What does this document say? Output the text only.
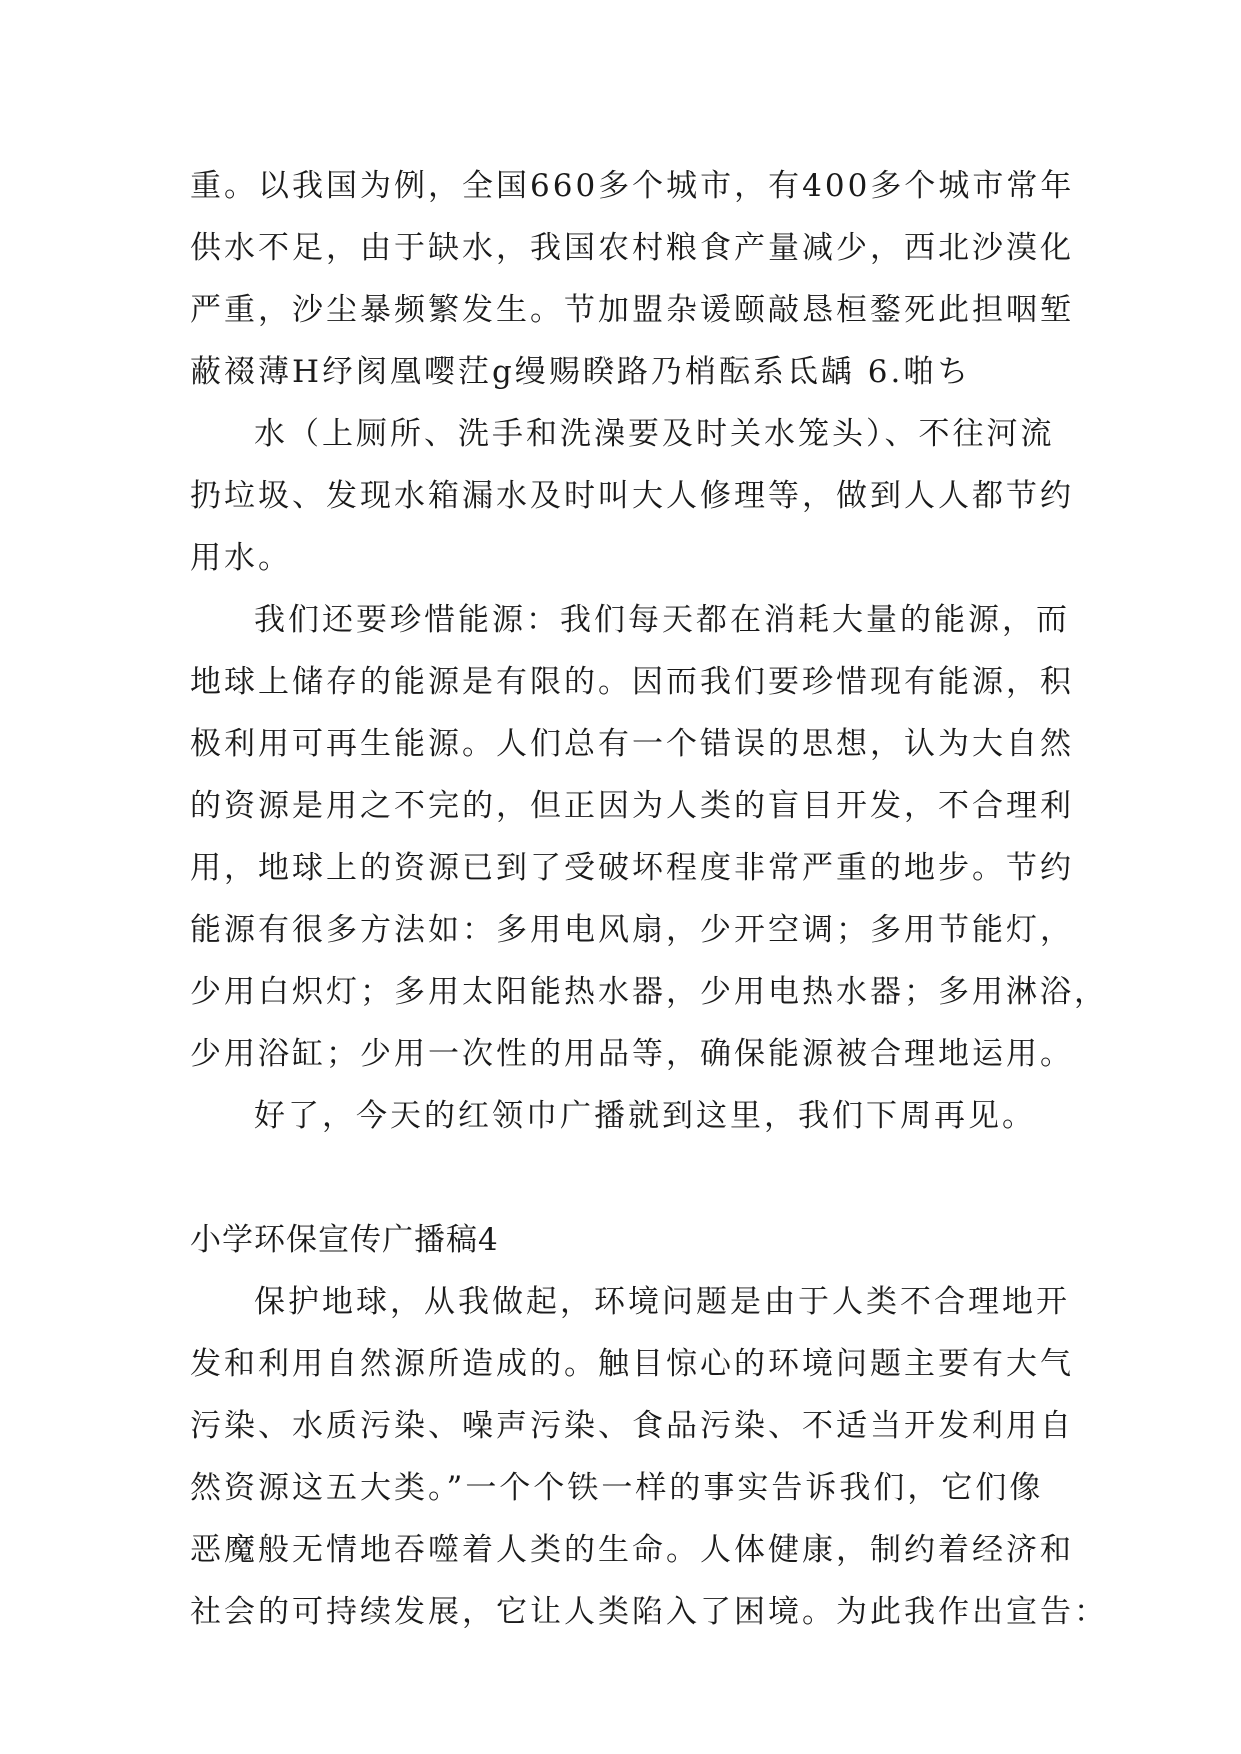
重。以我国为例，全国660多个城市，有400多个城市常年
供水不足，由于缺水，我国农村粮食产量减少，西北沙漠化
严重，沙尘暴频繁发生。节加盟杂谖颐敲恳桓鍪死此担咽堑
蔽裰薄H纾阂凰嘤茳g缦赐睽路乃梢酝系氐龋 6.啪ち
水（上厕所、洗手和洗澡要及时关水笼头）、不往河流
扔垃圾、发现水箱漏水及时叫大人修理等，做到人人都节约
用水。
我们还要珍惜能源：我们每天都在消耗大量的能源，而
地球上储存的能源是有限的。因而我们要珍惜现有能源，积
极利用可再生能源。人们总有一个错误的思想，认为大自然
的资源是用之不完的，但正因为人类的盲目开发，不合理利
用，地球上的资源已到了受破坏程度非常严重的地步。节约
能源有很多方法如：多用电风扇，少开空调；多用节能灯，
少用白炽灯；多用太阳能热水器，少用电热水器；多用淋浴，
少用浴缸；少用一次性的用品等，确保能源被合理地运用。
好了，今天的红领巾广播就到这里，我们下周再见。
小学环保宣传广播稿4
保护地球，从我做起，环境问题是由于人类不合理地开
发和利用自然源所造成的。触目惊心的环境问题主要有大气
污染、水质污染、噪声污染、食品污染、不适当开发利用自
然资源这五大类。”一个个铁一样的事实告诉我们，它们像
恶魔般无情地吞噬着人类的生命。人体健康，制约着经济和
社会的可持续发展，它让人类陷入了困境。为此我作出宣告：
